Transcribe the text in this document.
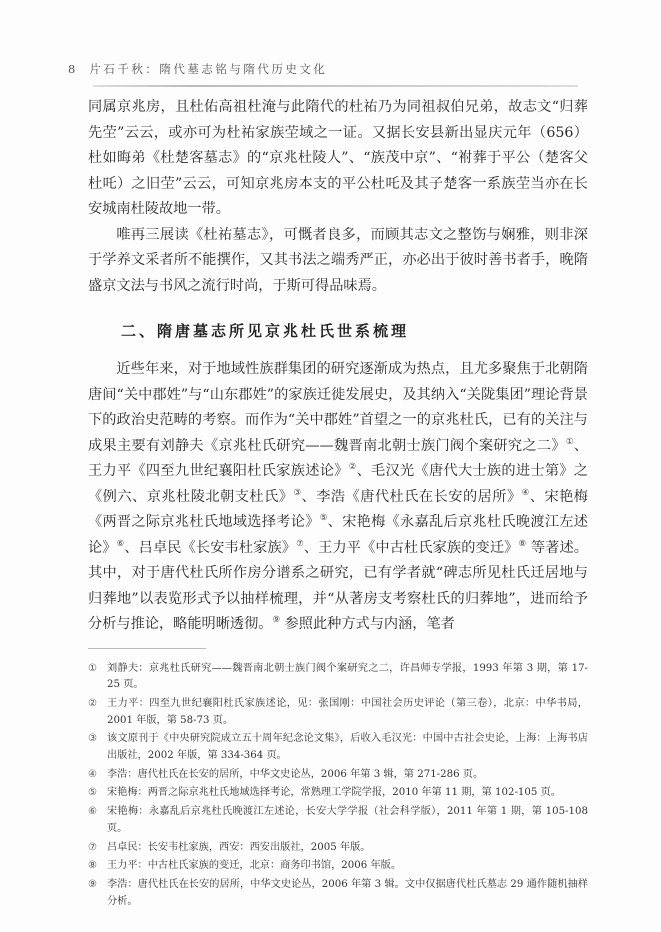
8 片石千秋：隋代墓志铭与隋代历史文化
同属京兆房，且杜佑高祖杜淹与此隋代的杜祐乃为同祖叔伯兄弟，故志文“归葬先茔”云云，或亦可为杜祐家族茔域之一证。又据长安县新出显庆元年（656）杜如晦弟《杜楚客墓志》的“京兆杜陵人”、“族茂中京”、“祔葬于平公（楚客父杜吒）之旧茔”云云，可知京兆房本支的平公杜吒及其子楚客一系族茔当亦在长安城南杜陵故地一带。
唯再三展读《杜祐墓志》，可慨者良多，而顾其志文之整饬与娴雅，则非深于学养文采者所不能撰作，又其书法之端秀严正，亦必出于彼时善书者手，晚隋盛京文法与书风之流行时尚，于斯可得品味焉。
二、隋唐墓志所见京兆杜氏世系梳理
近些年来，对于地域性族群集团的研究逐渐成为热点，且尤多聚焦于北朝隋唐间“关中郡姓”与“山东郡姓”的家族迁徙发展史，及其纳入“关陇集团”理论背景下的政治史范畴的考察。而作为“关中郡姓”首望之一的京兆杜氏，已有的关注与成果主要有刘静夫《京兆杜氏研究——魏晋南北朝士族门阀个案研究之二》①、王力平《四至九世纪襄阳杜氏家族述论》②、毛汉光《唐代大士族的进士第》之《例六、京兆杜陵北朝支杜氏》③、李浩《唐代杜氏在长安的居所》④、宋艳梅《两晋之际京兆杜氏地域选择考论》⑤、宋艳梅《永嘉乱后京兆杜氏晚渡江左述论》⑥、吕卓民《长安韦杜家族》⑦、王力平《中古杜氏家族的变迁》⑧ 等著述。其中，对于唐代杜氏所作房分谱系之研究，已有学者就“碑志所见杜氏迁居地与归葬地”以表览形式予以抽样梳理，并“从著房支考察杜氏的归葬地”，进而给予分析与推论，略能明晰透彻。⑨ 参照此种方式与内涵，笔者
① 刘静夫：京兆杜氏研究——魏晋南北朝士族门阀个案研究之二，许昌师专学报，1993 年第 3 期，第 17-25 页。
② 王力平：四至九世纪襄阳杜氏家族述论，见：张国刚：中国社会历史评论（第三卷），北京：中华书局，2001 年版，第 58-73 页。
③ 该文原刊于《中央研究院成立五十周年纪念论文集》，后收入毛汉光：中国中古社会史论，上海：上海书店出版社，2002 年版，第 334-364 页。
④ 李浩：唐代杜氏在长安的居所，中华文史论丛，2006 年第 3 辑，第 271-286 页。
⑤ 宋艳梅：两晋之际京兆杜氏地域选择考论，常熟理工学院学报，2010 年第 11 期，第 102-105 页。
⑥ 宋艳梅：永嘉乱后京兆杜氏晚渡江左述论，长安大学学报（社会科学版），2011 年第 1 期，第 105-108 页。
⑦ 吕卓民：长安韦杜家族，西安：西安出版社，2005 年版。
⑧ 王力平：中古杜氏家族的变迁，北京：商务印书馆，2006 年版。
⑨ 李浩：唐代杜氏在长安的居所，中华文史论丛，2006 年第 3 辑。文中仅据唐代杜氏墓志 29 通作随机抽样分析。
